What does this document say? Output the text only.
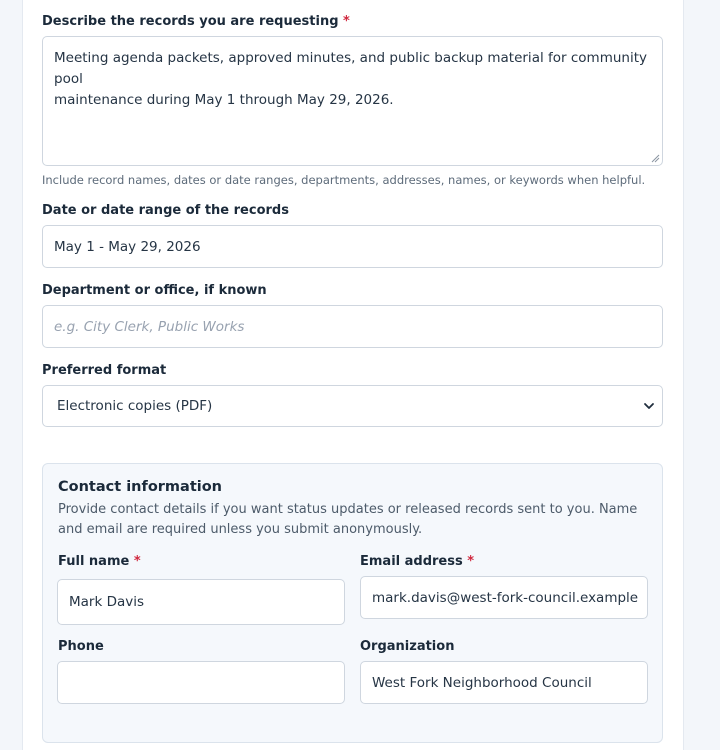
Describe the records you are requesting *
Meeting agenda packets, approved minutes, and public backup material for community pool
maintenance during May 1 through May 29, 2026.
Include record names, dates or date ranges, departments, addresses, names, or keywords when helpful.
Date or date range of the records
May 1 - May 29, 2026
Department or office, if known
e.g. City Clerk, Public Works
Preferred format
Electronic copies (PDF)
Contact information
Provide contact details if you want status updates or released records sent to you. Name and email are required unless you submit anonymously.
Full name *
Mark Davis
Email address *
mark.davis@west-fork-council.example
Phone	Organization
West Fork Neighborhood Council
